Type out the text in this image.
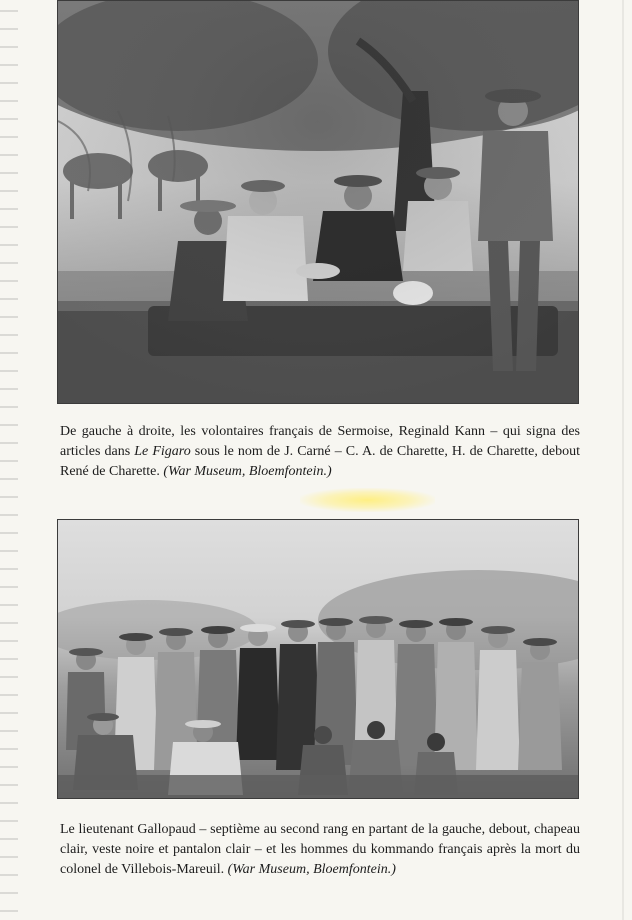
De gauche à droite, les volontaires français de Sermoise, Reginald Kann – qui signa des articles dans Le Figaro sous le nom de J. Carné – C. A. de Charette, H. de Charette, debout René de Charette. (War Museum, Bloemfontein.)

Le lieutenant Gallopaud – septième au second rang en partant de la gauche, debout, chapeau clair, veste noire et pantalon clair – et les hommes du kommando français après la mort du colonel de Villebois-Mareuil. (War Museum, Bloemfontein.)
